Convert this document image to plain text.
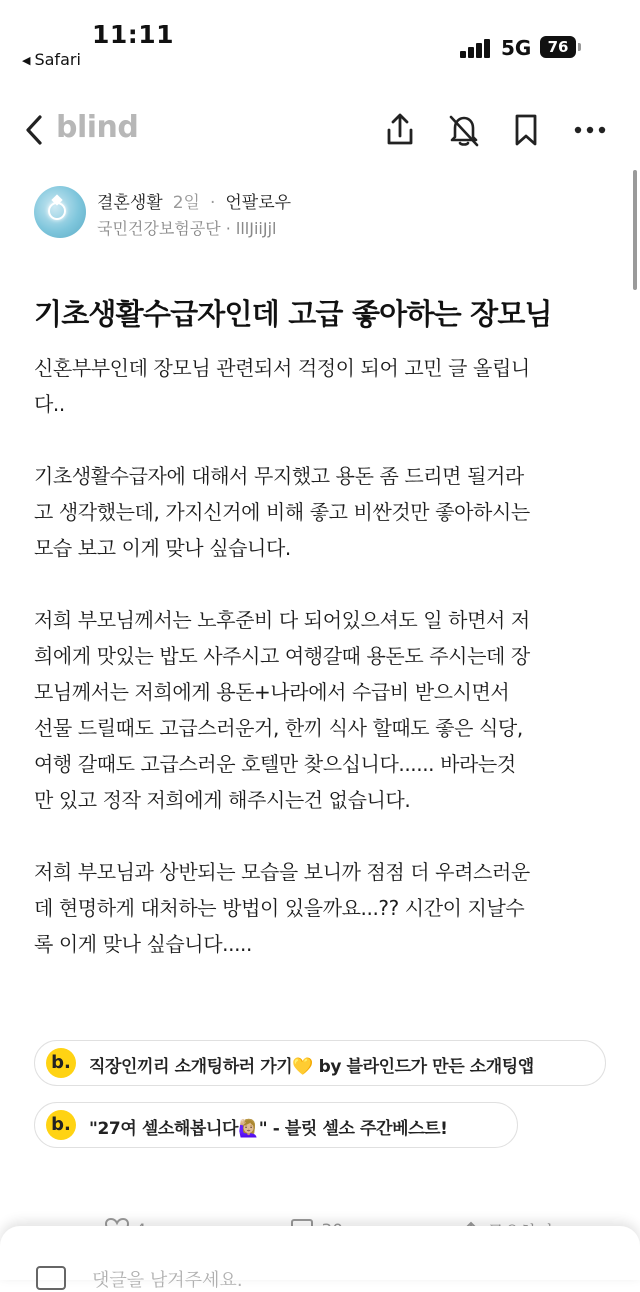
11:11
◀ Safari	5G	76
blind
결혼생활 2일 · 언팔로우
국민건강보험공단 · lllJiiJjl
기초생활수급자인데 고급 좋아하는 장모님

신혼부부인데 장모님 관련되서 걱정이 되어 고민 글 올립니
다..

기초생활수급자에 대해서 무지했고 용돈 좀 드리면 될거라
고 생각했는데, 가지신거에 비해 좋고 비싼것만 좋아하시는
모습 보고 이게 맞나 싶습니다.

저희 부모님께서는 노후준비 다 되어있으셔도 일 하면서 저
희에게 맛있는 밥도 사주시고 여행갈때 용돈도 주시는데 장
모님께서는 저희에게 용돈+나라에서 수급비 받으시면서
선물 드릴때도 고급스러운거, 한끼 식사 할때도 좋은 식당,
여행 갈때도 고급스러운 호텔만 찾으십니다...... 바라는것
만 있고 정작 저희에게 해주시는건 없습니다.

저희 부모님과 상반되는 모습을 보니까 점점 더 우려스러운
데 현명하게 대처하는 방법이 있을까요...?? 시간이 지날수
록 이게 맞나 싶습니다.....

b.	직장인끼리 소개팅하러 가기💛 by 블라인드가 만든 소개팅앱
b.	"27여 셀소해봅니다🙋🏼‍♀️" - 블릿 셀소 주간베스트!
댓글을 남겨주세요.
